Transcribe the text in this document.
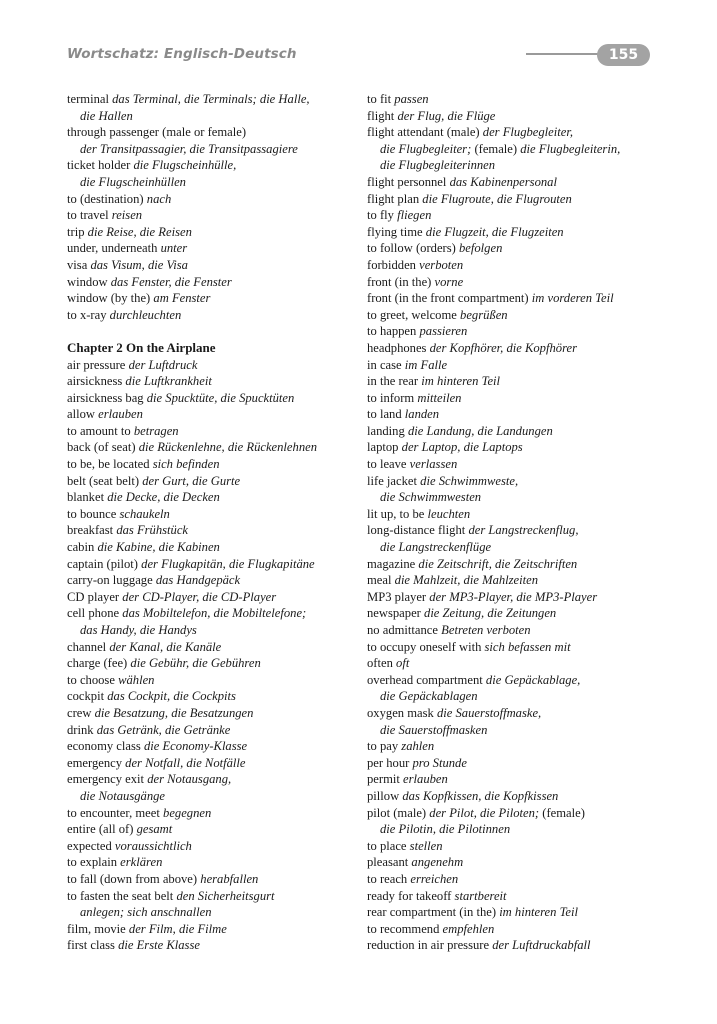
Wortschatz: Englisch-Deutsch	155
terminal das Terminal, die Terminals; die Halle,
die Hallen
through passenger (male or female)
der Transitpassagier, die Transitpassagiere
ticket holder die Flugscheinhülle,
die Flugscheinhüllen
to (destination) nach
to travel reisen
trip die Reise, die Reisen
under, underneath unter
visa das Visum, die Visa
window das Fenster, die Fenster
window (by the) am Fenster
to x-ray durchleuchten
Chapter 2 On the Airplane
air pressure der Luftdruck
airsickness die Luftkrankheit
airsickness bag die Spucktüte, die Spucktüten
allow erlauben
to amount to betragen
back (of seat) die Rückenlehne, die Rückenlehnen
to be, be located sich befinden
belt (seat belt) der Gurt, die Gurte
blanket die Decke, die Decken
to bounce schaukeln
breakfast das Frühstück
cabin die Kabine, die Kabinen
captain (pilot) der Flugkapitän, die Flugkapitäne
carry-on luggage das Handgepäck
CD player der CD-Player, die CD-Player
cell phone das Mobiltelefon, die Mobiltelefone;
das Handy, die Handys
channel der Kanal, die Kanäle
charge (fee) die Gebühr, die Gebühren
to choose wählen
cockpit das Cockpit, die Cockpits
crew die Besatzung, die Besatzungen
drink das Getränk, die Getränke
economy class die Economy-Klasse
emergency der Notfall, die Notfälle
emergency exit der Notausgang,
die Notausgänge
to encounter, meet begegnen
entire (all of) gesamt
expected voraussichtlich
to explain erklären
to fall (down from above) herabfallen
to fasten the seat belt den Sicherheitsgurt
anlegen; sich anschnallen
film, movie der Film, die Filme
first class die Erste Klasse
to fit passen
flight der Flug, die Flüge
flight attendant (male) der Flugbegleiter,
die Flugbegleiter; (female) die Flugbegleiterin,
die Flugbegleiterinnen
flight personnel das Kabinenpersonal
flight plan die Flugroute, die Flugrouten
to fly fliegen
flying time die Flugzeit, die Flugzeiten
to follow (orders) befolgen
forbidden verboten
front (in the) vorne
front (in the front compartment) im vorderen Teil
to greet, welcome begrüßen
to happen passieren
headphones der Kopfhörer, die Kopfhörer
in case im Falle
in the rear im hinteren Teil
to inform mitteilen
to land landen
landing die Landung, die Landungen
laptop der Laptop, die Laptops
to leave verlassen
life jacket die Schwimmweste,
die Schwimmwesten
lit up, to be leuchten
long-distance flight der Langstreckenflug,
die Langstreckenflüge
magazine die Zeitschrift, die Zeitschriften
meal die Mahlzeit, die Mahlzeiten
MP3 player der MP3-Player, die MP3-Player
newspaper die Zeitung, die Zeitungen
no admittance Betreten verboten
to occupy oneself with sich befassen mit
often oft
overhead compartment die Gepäckablage,
die Gepäckablagen
oxygen mask die Sauerstoffmaske,
die Sauerstoffmasken
to pay zahlen
per hour pro Stunde
permit erlauben
pillow das Kopfkissen, die Kopfkissen
pilot (male) der Pilot, die Piloten; (female)
die Pilotin, die Pilotinnen
to place stellen
pleasant angenehm
to reach erreichen
ready for takeoff startbereit
rear compartment (in the) im hinteren Teil
to recommend empfehlen
reduction in air pressure der Luftdruckabfall
